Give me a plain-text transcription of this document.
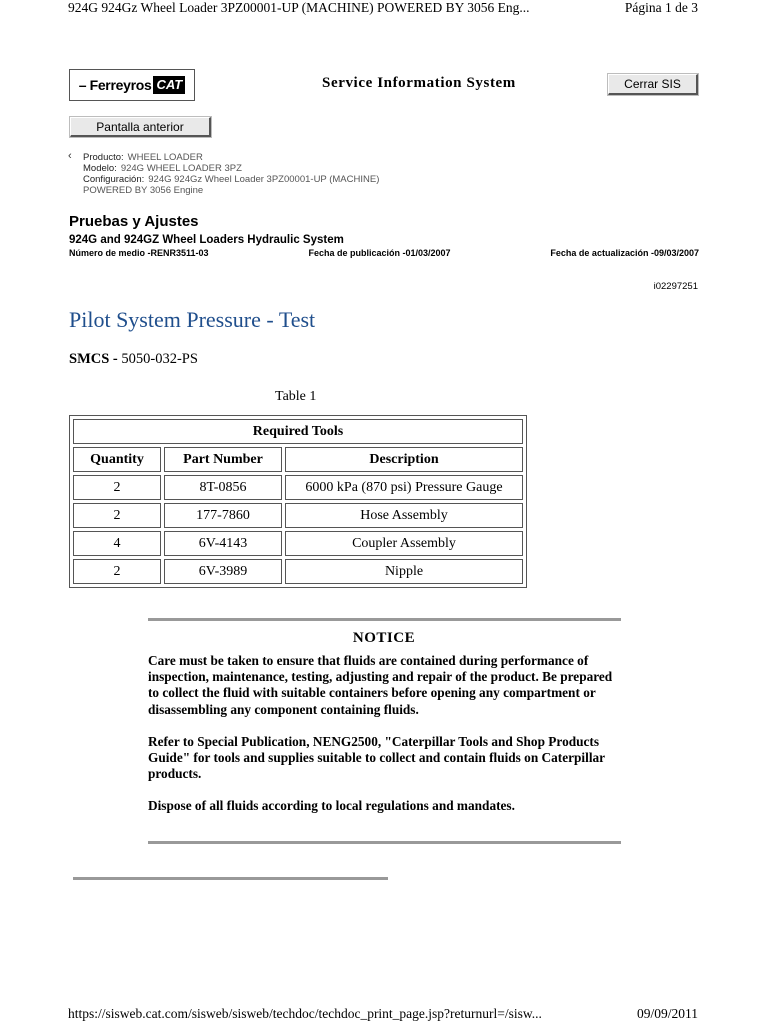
924G 924Gz Wheel Loader 3PZ00001-UP (MACHINE) POWERED BY 3056 Eng...	Página 1 de 3
– Ferreyros CAT	Service Information System	Cerrar SIS
Pantalla anterior
‹ Producto: WHEEL LOADER
Modelo: 924G WHEEL LOADER 3PZ
Configuración: 924G 924Gz Wheel Loader 3PZ00001-UP (MACHINE)
POWERED BY 3056 Engine
Pruebas y Ajustes
924G and 924GZ Wheel Loaders Hydraulic System
Número de medio -RENR3511-03	Fecha de publicación -01/03/2007	Fecha de actualización -09/03/2007
i02297251
Pilot System Pressure - Test
SMCS - 5050-032-PS
Table 1
Required Tools		
Quantity	Part Number	Description
2	8T-0856	6000 kPa (870 psi) Pressure Gauge
2	177-7860	Hose Assembly
4	6V-4143	Coupler Assembly
2	6V-3989	Nipple
NOTICE

Care must be taken to ensure that fluids are contained during performance of inspection, maintenance, testing, adjusting and repair of the product. Be prepared to collect the fluid with suitable containers before opening any compartment or disassembling any component containing fluids.

Refer to Special Publication, NENG2500, "Caterpillar Tools and Shop Products Guide" for tools and supplies suitable to collect and contain fluids on Caterpillar products.

Dispose of all fluids according to local regulations and mandates.

https://sisweb.cat.com/sisweb/sisweb/techdoc/techdoc_print_page.jsp?returnurl=/sisw...	09/09/2011
